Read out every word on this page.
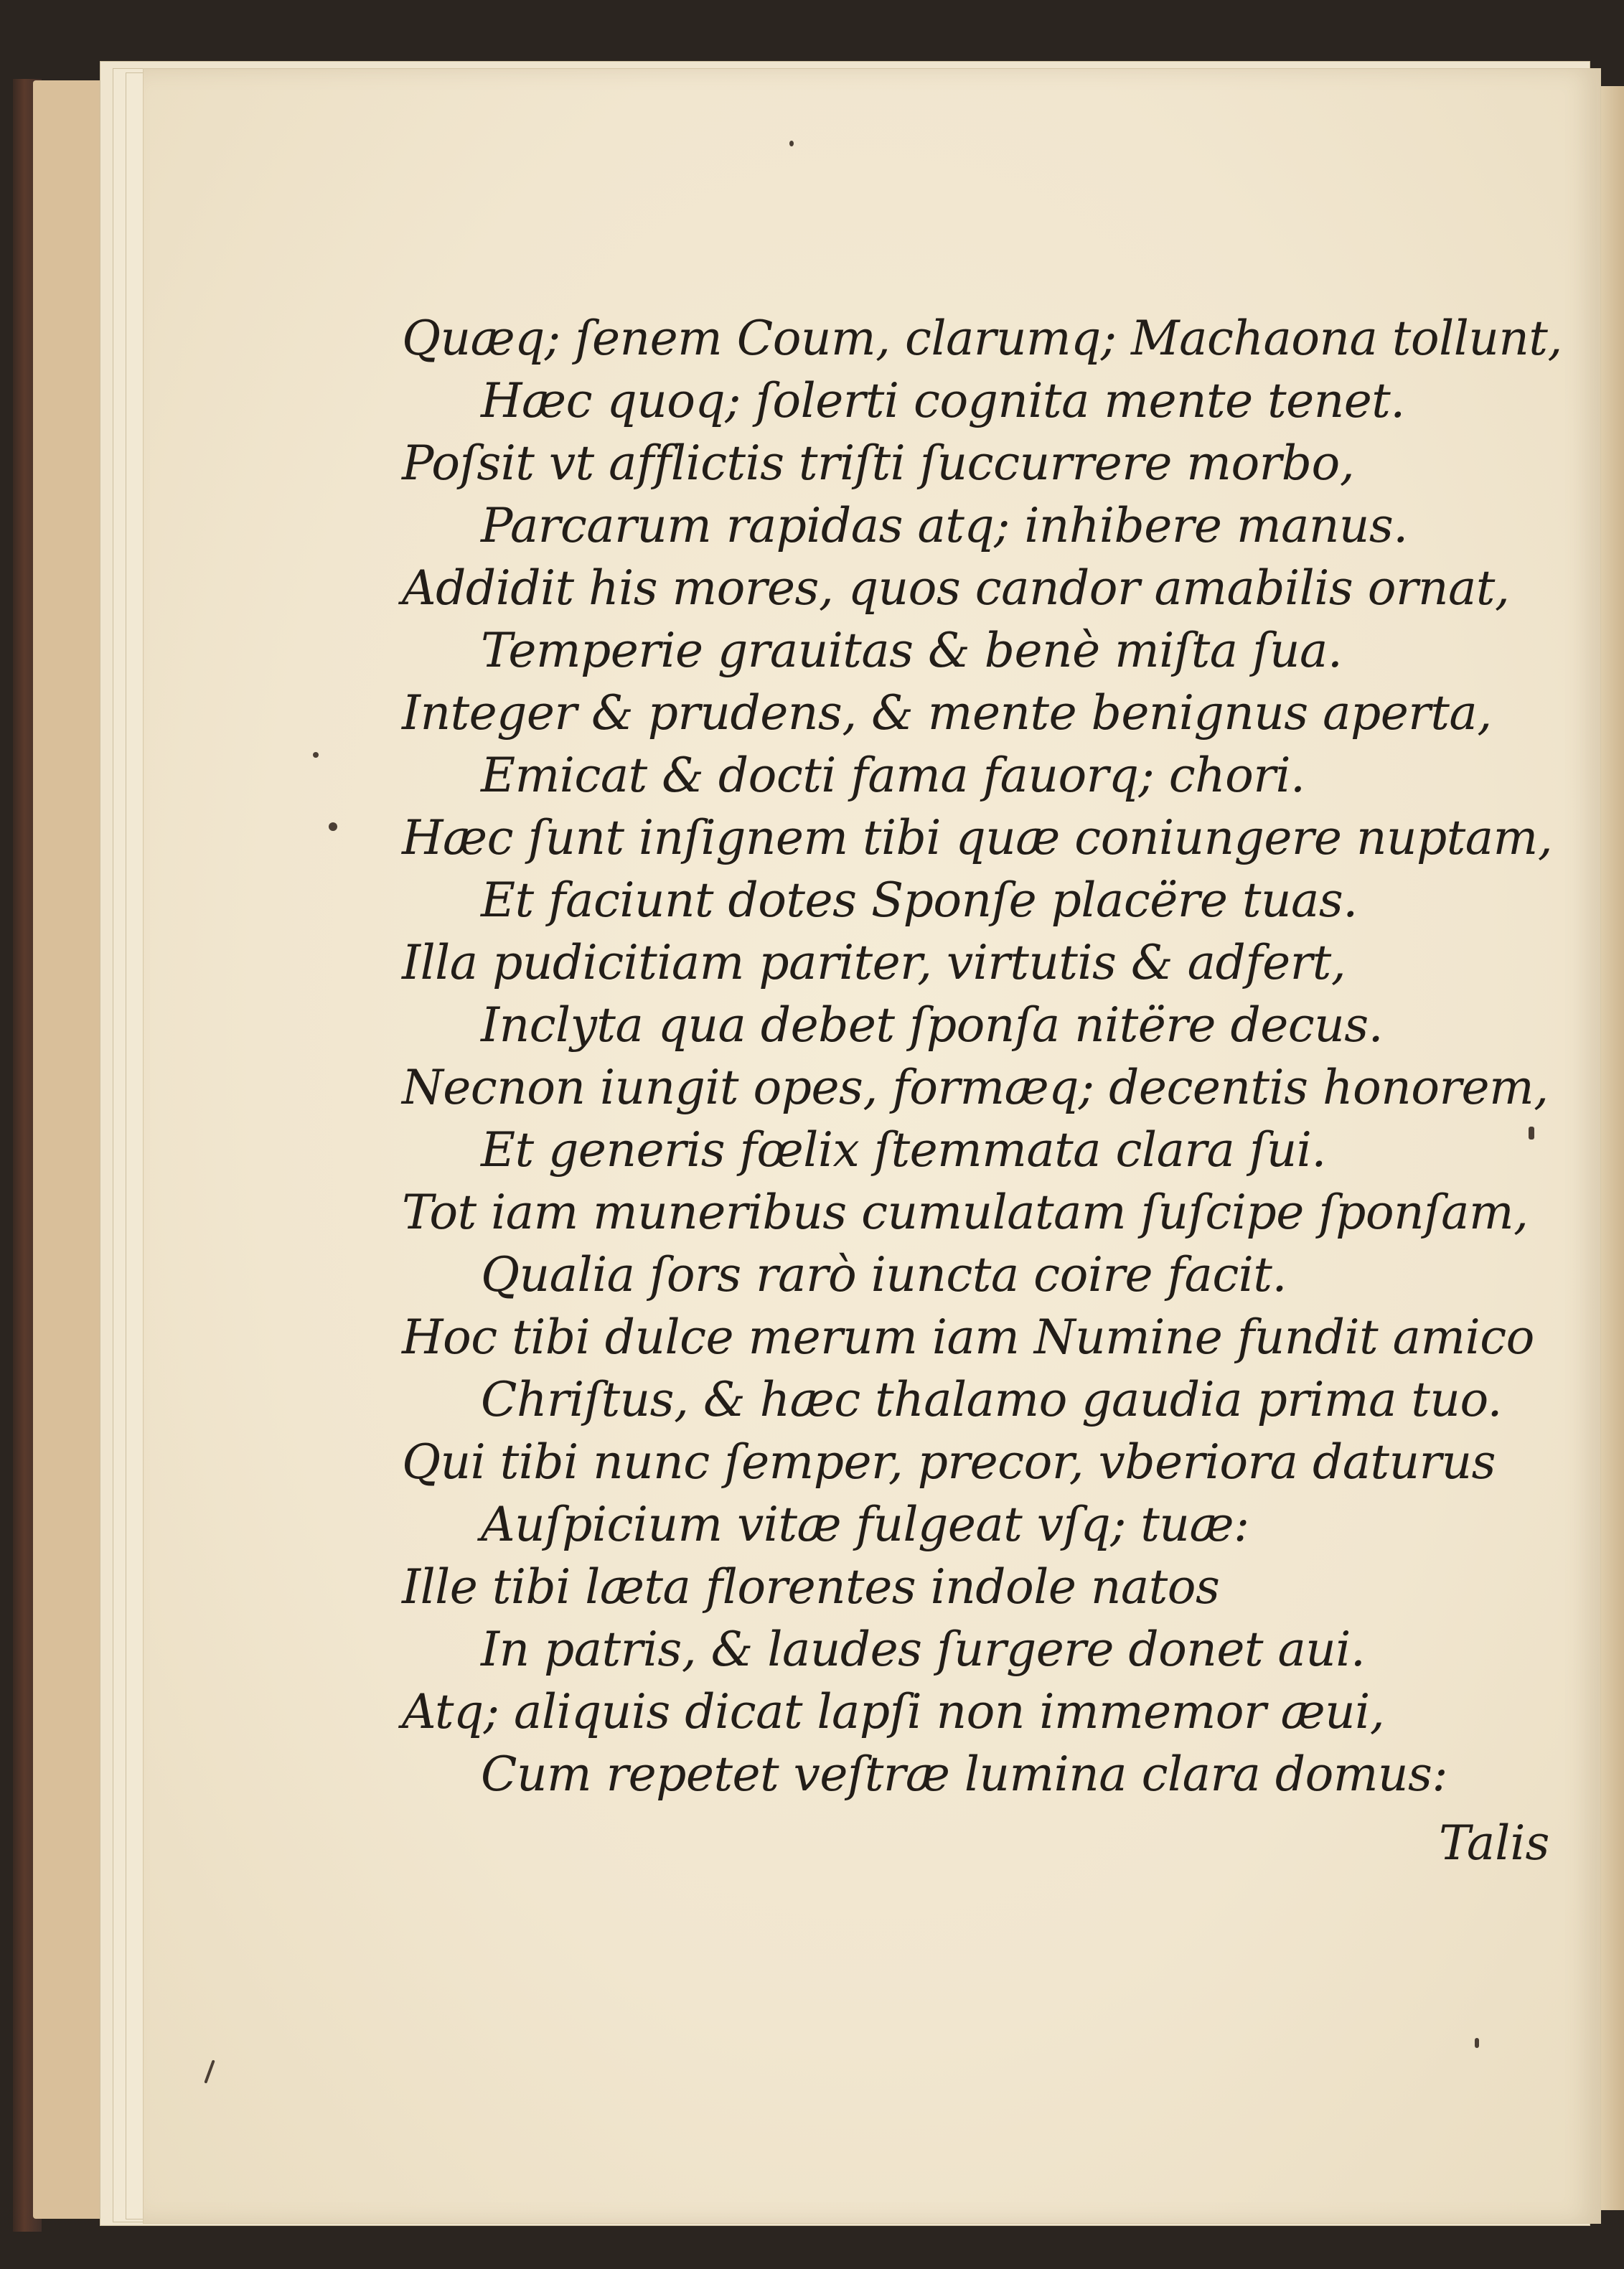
Quæq; ſenem Coum, clarumq; Machaona tollunt,
Hæc quoq; ſolerti cognita mente tenet.
Poſsit vt afflictis triſti ſuccurrere morbo,
Parcarum rapidas atq; inhibere manus.
Addidit his mores, quos candor amabilis ornat,
Temperie grauitas & benè miſta ſua.
Integer & prudens, & mente benignus aperta,
Emicat & docti fama fauorq; chori.
Hæc ſunt inſignem tibi quæ coniungere nuptam,
Et faciunt dotes Sponſe placëre tuas.
Illa pudicitiam pariter, virtutis & adfert,
Inclyta qua debet ſponſa nitëre decus.
Necnon iungit opes, formæq; decentis honorem,
Et generis fœlix ſtemmata clara ſui.
Tot iam muneribus cumulatam ſuſcipe ſponſam,
Qualia ſors rarò iuncta coire facit.
Hoc tibi dulce merum iam Numine fundit amico
Chriſtus, & hæc thalamo gaudia prima tuo.
Qui tibi nunc ſemper, precor, vberiora daturus
Auſpicium vitæ fulgeat vſq; tuæ:
Ille tibi læta florentes indole natos
In patris, & laudes ſurgere donet aui.
Atq; aliquis dicat lapſi non immemor æui,
Cum repetet veſtræ lumina clara domus:
Talis
